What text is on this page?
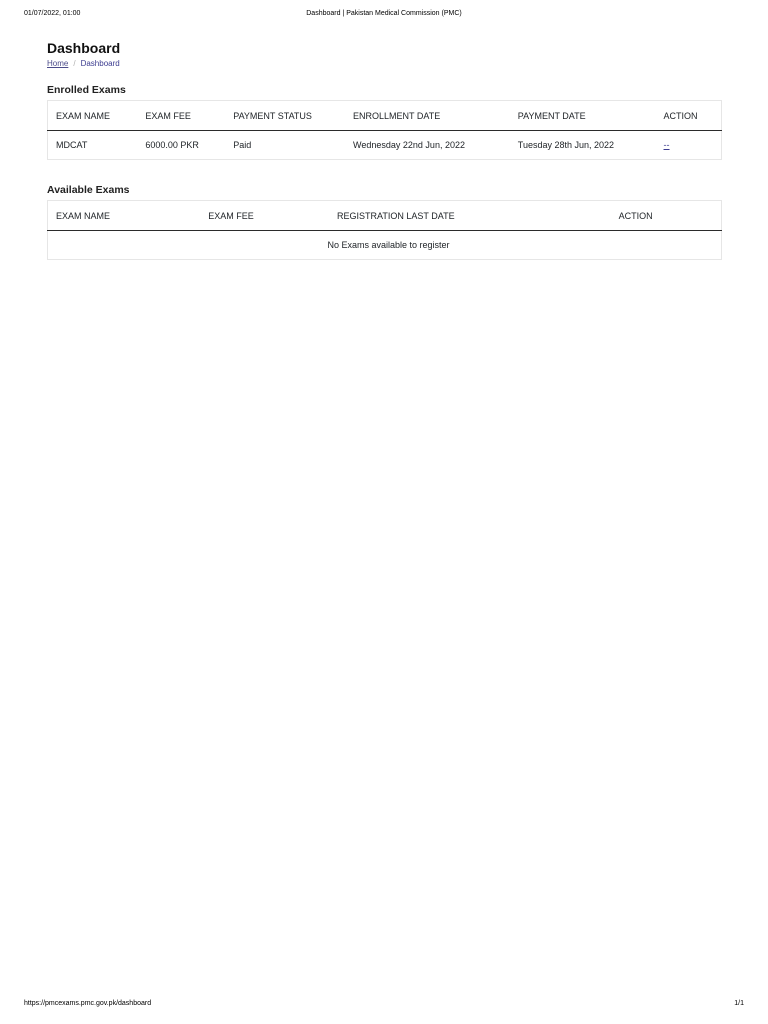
01/07/2022, 01:00	Dashboard | Pakistan Medical Commission (PMC)
Dashboard
Home / Dashboard
Enrolled Exams
EXAM NAME	EXAM FEE	PAYMENT STATUS	ENROLLMENT DATE	PAYMENT DATE	ACTION
MDCAT	6000.00 PKR	Paid	Wednesday 22nd Jun, 2022	Tuesday 28th Jun, 2022	--
Available Exams
EXAM NAME	EXAM FEE	REGISTRATION LAST DATE	ACTION
No Exams available to register
https://pmcexams.pmc.gov.pk/dashboard	1/1
